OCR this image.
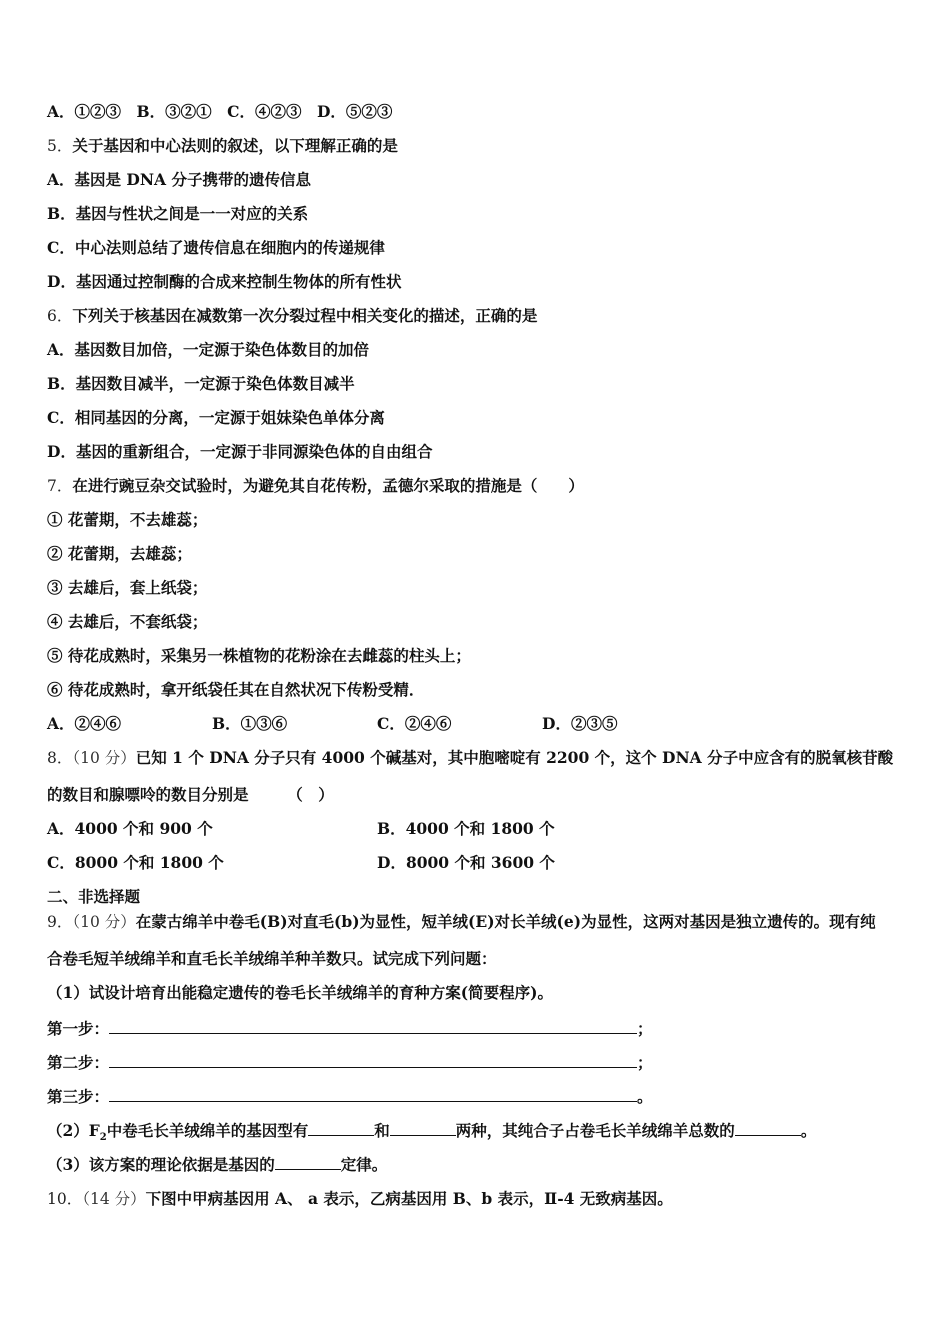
A．①②③　B．③②①　C．④②③　D．⑤②③
5．关于基因和中心法则的叙述，以下理解正确的是
A．基因是 DNA 分子携带的遗传信息
B．基因与性状之间是一一对应的关系
C．中心法则总结了遗传信息在细胞内的传递规律
D．基因通过控制酶的合成来控制生物体的所有性状
6．下列关于核基因在减数第一次分裂过程中相关变化的描述，正确的是
A．基因数目加倍，一定源于染色体数目的加倍
B．基因数目减半，一定源于染色体数目减半
C．相同基因的分离，一定源于姐妹染色单体分离
D．基因的重新组合，一定源于非同源染色体的自由组合
7．在进行豌豆杂交试验时，为避免其自花传粉，孟德尔采取的措施是（　　）
① 花蕾期，不去雄蕊；
② 花蕾期，去雄蕊；
③ 去雄后，套上纸袋；
④ 去雄后，不套纸袋；
⑤ 待花成熟时，采集另一株植物的花粉涂在去雌蕊的柱头上；
⑥ 待花成熟时，拿开纸袋任其在自然状况下传粉受精．
A．②④⑥	B．①③⑥	C．②④⑥	D．②③⑤
8．（10 分）已知 1 个 DNA 分子只有 4000 个碱基对，其中胞嘧啶有 2200 个，这个 DNA 分子中应含有的脱氧核苷酸
的数目和腺嘌呤的数目分别是　　　（　）
A．4000 个和 900 个	B．4000 个和 1800 个
C．8000 个和 1800 个	D．8000 个和 3600 个
二、非选择题
9．（10 分）在蒙古绵羊中卷毛(B)对直毛(b)为显性，短羊绒(E)对长羊绒(e)为显性，这两对基因是独立遗传的。现有纯
合卷毛短羊绒绵羊和直毛长羊绒绵羊种羊数只。试完成下列问题：
（1）试设计培育出能稳定遗传的卷毛长羊绒绵羊的育种方案(简要程序)。
第一步：	；
第二步：	；
第三步：	。
$(2)F_2$中卷毛长羊绒绵羊的基因型有	和	两种，其纯合子占卷毛长羊绒绵羊总数的	。
（3）该方案的理论依据是基因的	定律。
10．（14 分）下图中甲病基因用 A、 a 表示，乙病基因用 B、b 表示，Ⅱ-4 无致病基因。
